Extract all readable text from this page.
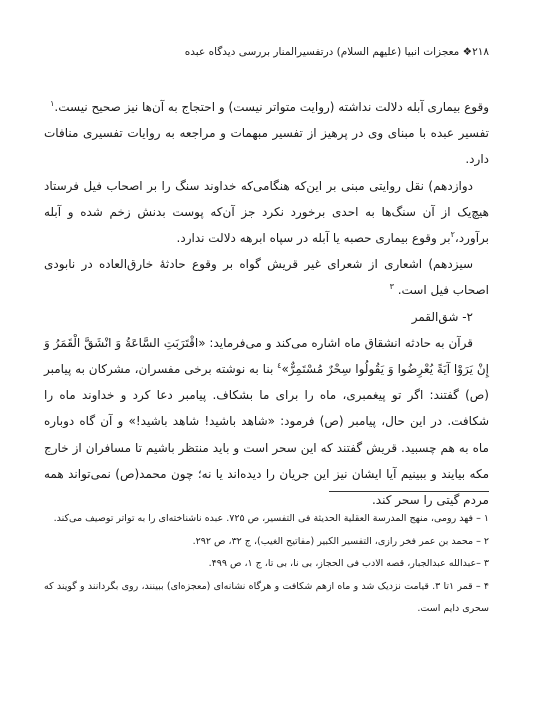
٢١٨❖ معجزات انبیا (علیهم السلام) درتفسیرالمنار بررسی دیدگاه عبده

وقوع بیماری آبله دلالت نداشته (روایت متواتر نیست) و احتجاج به آن‌ها نیز صحیح نیست.$^١$

تفسیر عبده با مبنای وی در پرهیز از تفسیر مبهمات و مراجعه به روایات تفسیری منافات دارد.

دوازدهم) نقل روایتی مبنی بر این‌که هنگامی‌که خداوند سنگ را بر اصحاب فیل فرستاد هیچ‌یک از آن سنگ‌ها به احدی برخورد نکرد جز آن‌که پوست بدنش زخم شده و آبله برآورد،$^٢$بر وقوع بیماری حصبه یا آبله در سپاه ابرهه دلالت ندارد.

سیزدهم) اشعاری از شعرای غیر قریش گواه بر وقوع حادثهٔ خارق‌العاده در نابودی اصحاب فیل است. $^٣$

٢- شق‌القمر

قرآن به حادثه انشقاق ماه اشاره می‌کند و می‌فرماید: «اقْتَرَبَتِ السَّاعَةُ وَ انْشَقَّ الْقَمَرُ وَ إِنْ يَرَوْا آيَةً يُعْرِضُوا وَ يَقُولُوا سِحْرٌ مُسْتَمِرٌّ»$^٤$ بنا به نوشته برخی مفسران، مشرکان به پیامبر (ص) گفتند: اگر تو پیغمبری، ماه را برای ما بشکاف. پیامبر دعا کرد و خداوند ماه را شکافت. در این حال، پیامبر (ص) فرمود: «شاهد باشید! شاهد باشید!» و آن گاه دوباره ماه به هم چسبید. قریش گفتند که این سحر است و باید منتظر باشیم تا مسافران از خارج مکه بیایند و ببینیم آیا ایشان نیز این جریان را دیده‌اند یا نه؛ چون محمد(ص) نمی‌تواند همه مردم گیتی را سحر کند.

١ – فهد رومی، منهج المدرسة العقلیة الحدیثة فی التفسیر، ص ٧٢۵. عبده ناشناخته‌ای را به تواتر توصیف می‌کند.

٢ – محمد بن عمر فخر رازی، التفسیر الکبیر (مفاتیح الغیب)، ج ٣٢، ص ٢٩٢.

٣ –عبدالله عبدالجبار، قصه الادب فی الحجاز، بی نا، بی تا، ج ١، ص ۴٩٩.

۴ – قمر ١تا ٣. قیامت نزدیک شد و ماه ازهم شکافت و هرگاه نشانه‌ای (معجزه‌ای) ببینند، روی بگردانند و گویند که سحری دایم است.
